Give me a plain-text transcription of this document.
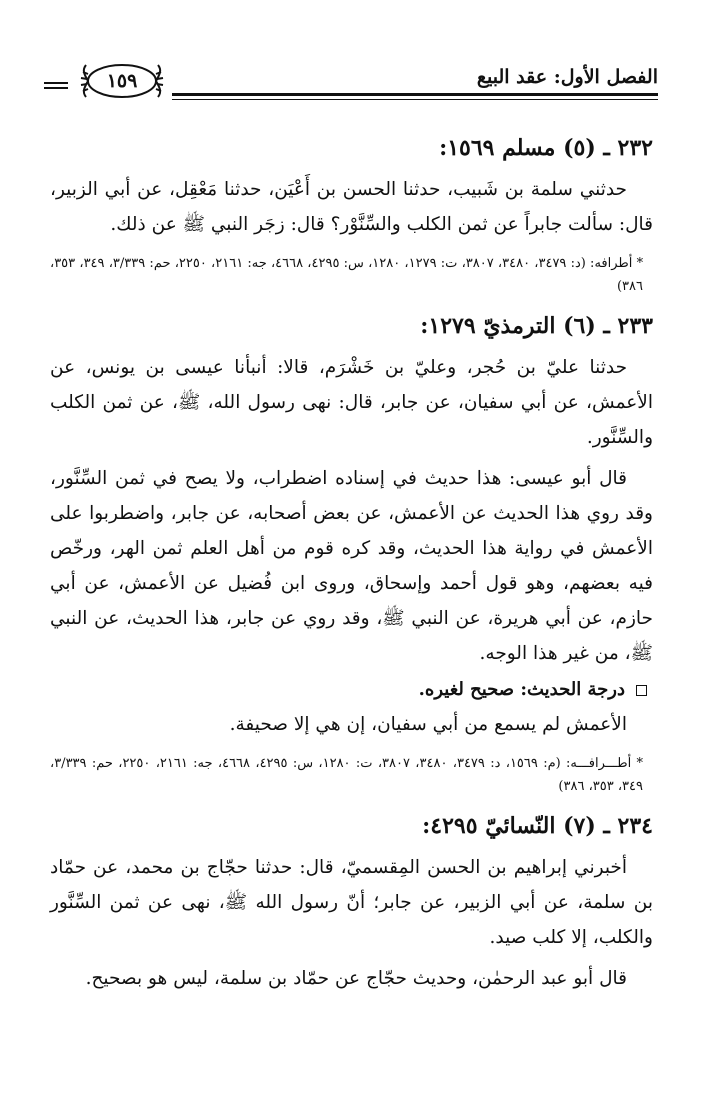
الفصل الأول: عقد البيع
١٥٩
٢٣٢ ـ (٥) مسلم ١٥٦٩:

حدثني سلمة بن شَبيب، حدثنا الحسن بن أَعْيَن، حدثنا مَعْقِل، عن أبي الزبير، قال: سألت جابراً عن ثمن الكلب والسِّنَّوْر؟ قال: زجَر النبي ﷺ عن ذلك.

* أطرافه: (د: ٣٤٧٩، ٣٤٨٠، ٣٨٠٧، ت: ١٢٧٩، ١٢٨٠، س: ٤٢٩٥، ٤٦٦٨، جه: ٢١٦١، ٢٢٥٠، حم: ٣/٣٣٩، ٣٤٩، ٣٥٣، ٣٨٦)

٢٣٣ ـ (٦) الترمذيّ ١٢٧٩:

حدثنا عليّ بن حُجر، وعليّ بن خَشْرَم، قالا: أنبأنا عيسى بن يونس، عن الأعمش، عن أبي سفيان، عن جابر، قال: نهى رسول الله، ﷺ، عن ثمن الكلب والسِّنَّور.

قال أبو عيسى: هذا حديث في إسناده اضطراب، ولا يصح في ثمن السِّنَّور، وقد روي هذا الحديث عن الأعمش، عن بعض أصحابه، عن جابر، واضطربوا على الأعمش في رواية هذا الحديث، وقد كره قوم من أهل العلم ثمن الهر، ورخّص فيه بعضهم، وهو قول أحمد وإسحاق، وروى ابن فُضيل عن الأعمش، عن أبي حازم، عن أبي هريرة، عن النبي ﷺ، وقد روي عن جابر، هذا الحديث، عن النبي ﷺ، من غير هذا الوجه.

درجة الحديث: صحيح لغيره.

الأعمش لم يسمع من أبي سفيان، إن هي إلا صحيفة.

* أطـــرافـــه: (م: ١٥٦٩، د: ٣٤٧٩، ٣٤٨٠، ٣٨٠٧، ت: ١٢٨٠، س: ٤٢٩٥، ٤٦٦٨، جه: ٢١٦١، ٢٢٥٠، حم: ٣/٣٣٩، ٣٤٩، ٣٥٣، ٣٨٦)

٢٣٤ ـ (٧) النّسائيّ ٤٢٩٥:

أخبرني إبراهيم بن الحسن المِقسميّ، قال: حدثنا حجّاج بن محمد، عن حمّاد بن سلمة، عن أبي الزبير، عن جابر؛ أنّ رسول الله ﷺ، نهى عن ثمن السِّنَّور والكلب، إلا كلب صيد.

قال أبو عبد الرحمٰن، وحديث حجّاج عن حمّاد بن سلمة، ليس هو بصحيح.
